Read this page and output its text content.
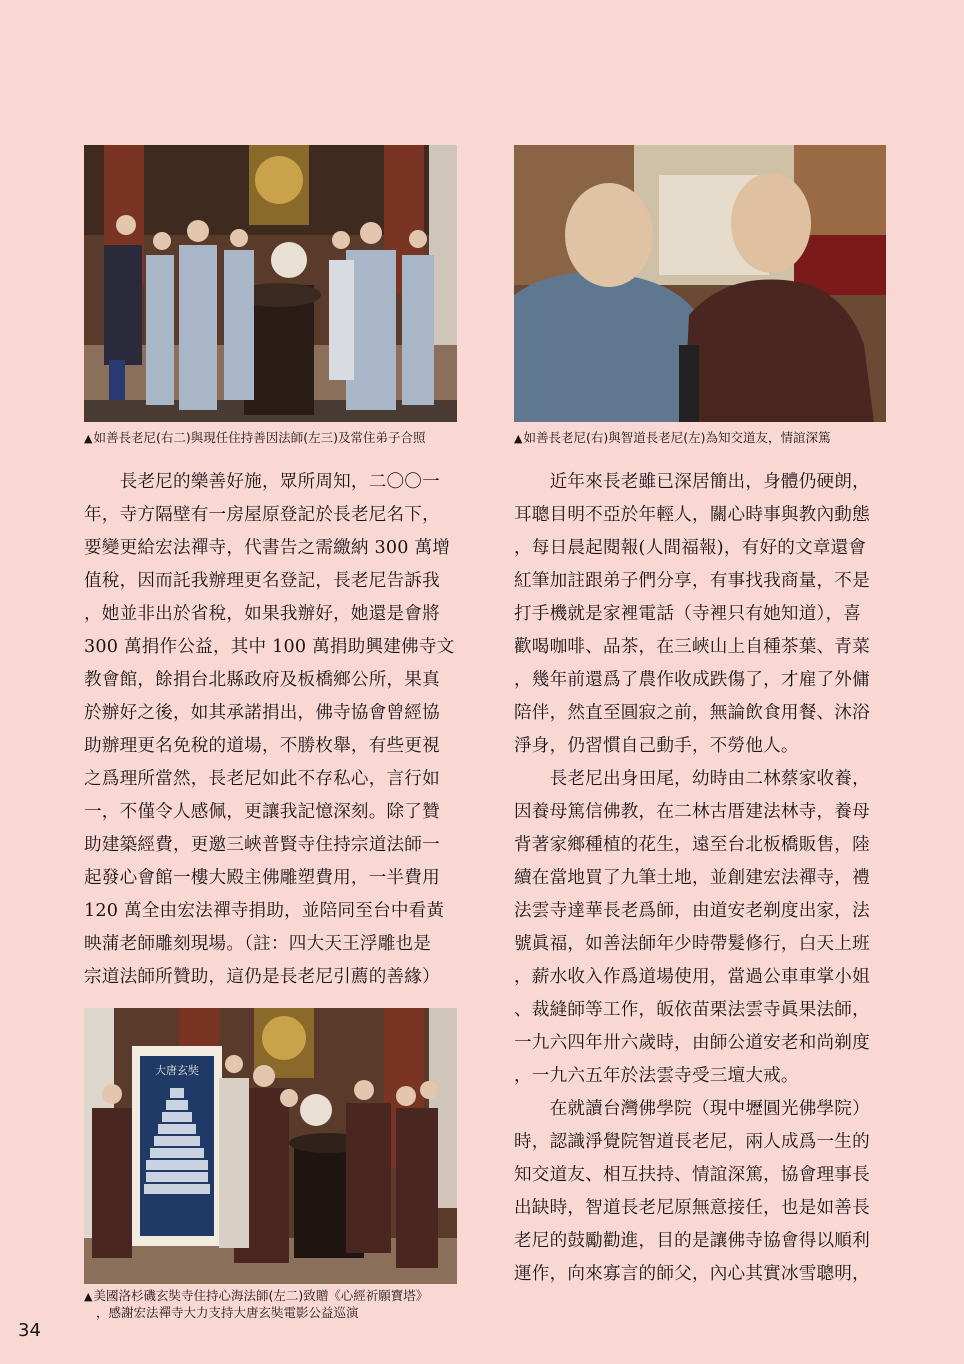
▲如善長老尼(右二)與現任住持善因法師(左三)及常住弟子合照	▲如善長老尼(右)與智道長老尼(左)為知交道友，情誼深篤
　　長老尼的樂善好施，眾所周知，二〇〇一
年，寺方隔壁有一房屋原登記於長老尼名下，
要變更給宏法禪寺，代書告之需繳納 300 萬增
值稅，因而託我辦理更名登記，長老尼告訴我
，她並非出於省稅，如果我辦好，她還是會將
300 萬捐作公益，其中 100 萬捐助興建佛寺文
教會館，餘捐台北縣政府及板橋鄉公所，果真
於辦好之後，如其承諾捐出，佛寺協會曾經協
助辦理更名免稅的道場，不勝枚舉，有些更視
之爲理所當然，長老尼如此不存私心，言行如
一，不僅令人感佩，更讓我記憶深刻。除了贊
助建築經費，更邀三峽普賢寺住持宗道法師一
起發心會館一樓大殿主佛雕塑費用，一半費用
120 萬全由宏法禪寺捐助，並陪同至台中看黃
映蒲老師雕刻現場。（註：四大天王浮雕也是
宗道法師所贊助，這仍是長老尼引薦的善緣）
大唐玄奘
▲美國洛杉磯玄奘寺住持心海法師(左二)致贈《心經祈願寶塔》
，感謝宏法禪寺大力支持大唐玄奘電影公益巡演
　　近年來長老雖已深居簡出，身體仍硬朗，
耳聰目明不亞於年輕人，關心時事與教內動態
，每日晨起閱報(人間福報)，有好的文章還會
紅筆加註跟弟子們分享，有事找我商量，不是
打手機就是家裡電話（寺裡只有她知道），喜
歡喝咖啡、品茶，在三峽山上自種茶葉、青菜
，幾年前還爲了農作收成跌傷了，才雇了外傭
陪伴，然直至圓寂之前，無論飲食用餐、沐浴
淨身，仍習慣自己動手，不勞他人。
　　長老尼出身田尾，幼時由二林蔡家收養，
因養母篤信佛教，在二林古厝建法林寺，養母
背著家鄉種植的花生，遠至台北板橋販售，陸
續在當地買了九筆土地，並創建宏法禪寺，禮
法雲寺達華長老爲師，由道安老剃度出家，法
號眞福，如善法師年少時帶髮修行，白天上班
，薪水收入作爲道場使用，當過公車車掌小姐
、裁縫師等工作，皈依苗栗法雲寺眞果法師，
一九六四年卅六歲時，由師公道安老和尚剃度
，一九六五年於法雲寺受三壇大戒。
　　在就讀台灣佛學院（現中壢圓光佛學院）
時，認識淨覺院智道長老尼，兩人成爲一生的
知交道友、相互扶持、情誼深篤，協會理事長
出缺時，智道長老尼原無意接任，也是如善長
老尼的鼓勵勸進，目的是讓佛寺協會得以順利
運作，向來寡言的師父，內心其實冰雪聰明，
34
